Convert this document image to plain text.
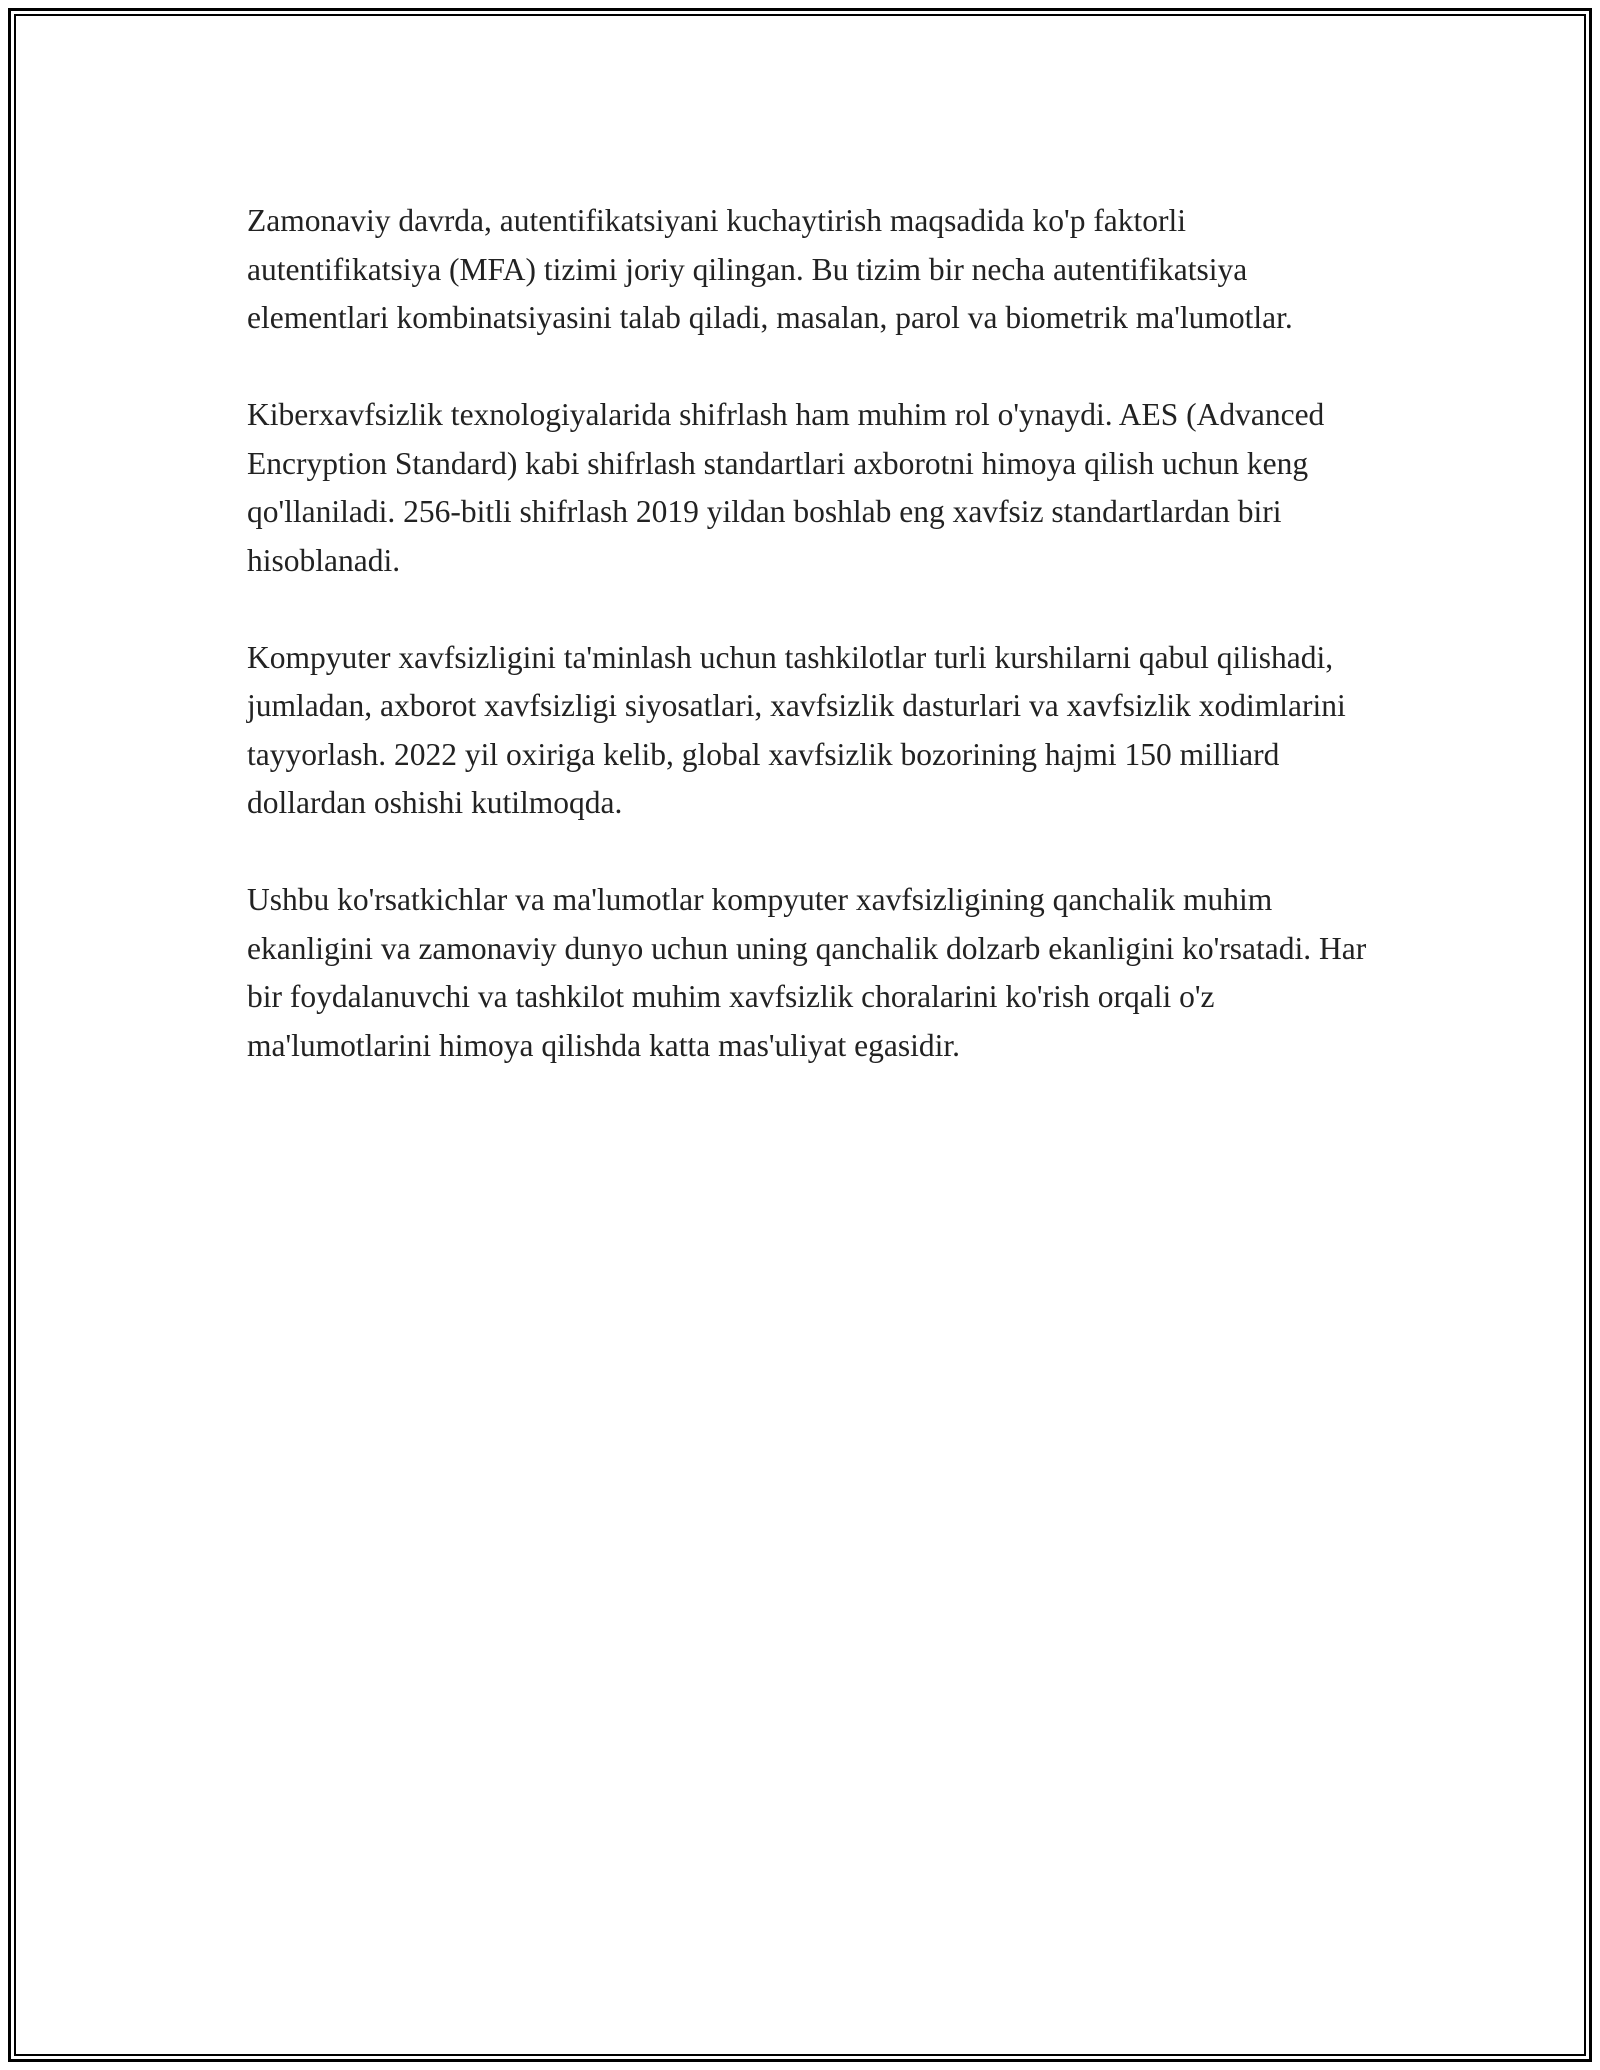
Zamonaviy davrda, autentifikatsiyani kuchaytirish maqsadida ko'p faktorli autentifikatsiya (MFA) tizimi joriy qilingan. Bu tizim bir necha autentifikatsiya elementlari kombinatsiyasini talab qiladi, masalan, parol va biometrik ma'lumotlar.

Kiberxavfsizlik texnologiyalarida shifrlash ham muhim rol o'ynaydi. AES (Advanced Encryption Standard) kabi shifrlash standartlari axborotni himoya qilish uchun keng qo'llaniladi. 256-bitli shifrlash 2019 yildan boshlab eng xavfsiz standartlardan biri hisoblanadi.

Kompyuter xavfsizligini ta'minlash uchun tashkilotlar turli kurshilarni qabul qilishadi, jumladan, axborot xavfsizligi siyosatlari, xavfsizlik dasturlari va xavfsizlik xodimlarini tayyorlash. 2022 yil oxiriga kelib, global xavfsizlik bozorining hajmi 150 milliard dollardan oshishi kutilmoqda.

Ushbu ko'rsatkichlar va ma'lumotlar kompyuter xavfsizligining qanchalik muhim ekanligini va zamonaviy dunyo uchun uning qanchalik dolzarb ekanligini ko'rsatadi. Har bir foydalanuvchi va tashkilot muhim xavfsizlik choralarini ko'rish orqali o'z ma'lumotlarini himoya qilishda katta mas'uliyat egasidir.
